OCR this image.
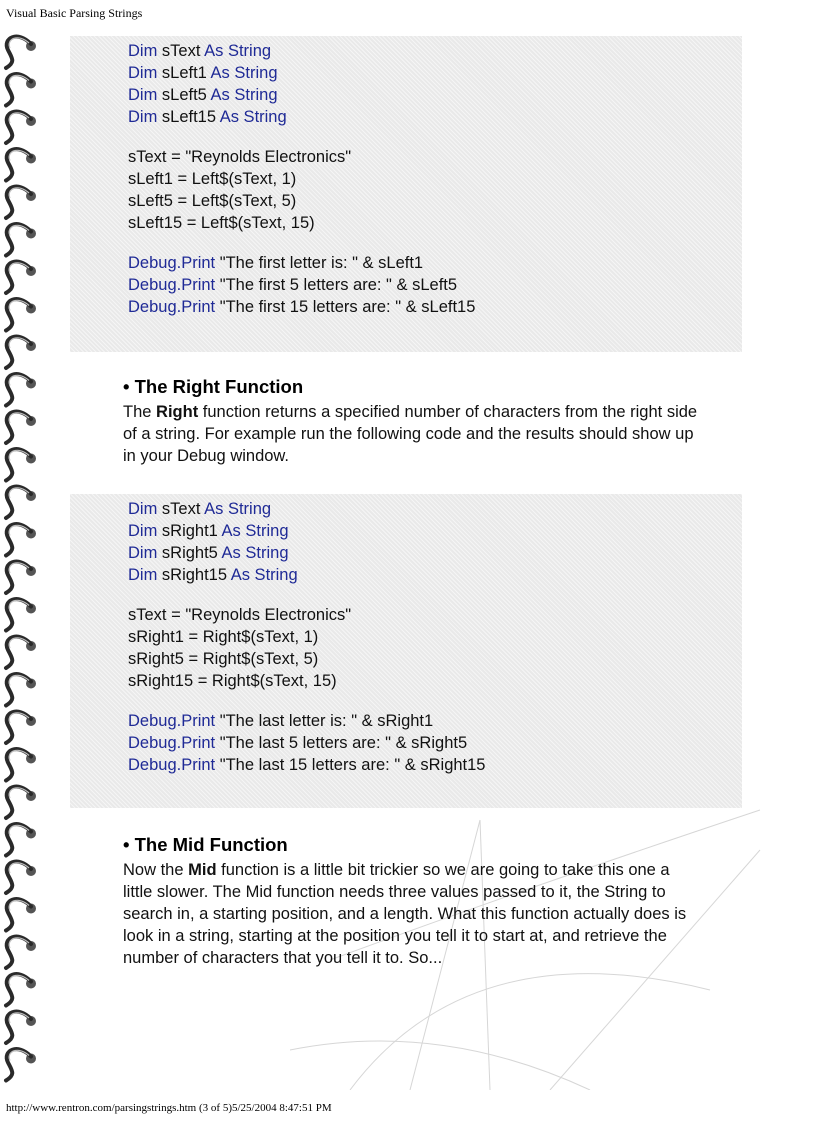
Visual Basic Parsing Strings
Dim sText As String
Dim sLeft1 As String
Dim sLeft5 As String
Dim sLeft15 As String
sText = "Reynolds Electronics"
sLeft1 = Left$(sText, 1)
sLeft5 = Left$(sText, 5)
sLeft15 = Left$(sText, 15)
Debug.Print "The first letter is: " & sLeft1
Debug.Print "The first 5 letters are: " & sLeft5
Debug.Print "The first 15 letters are: " & sLeft15
• The Right Function
The Right function returns a specified number of characters from the right side of a string. For example run the following code and the results should show up in your Debug window.
Dim sText As String
Dim sRight1 As String
Dim sRight5 As String
Dim sRight15 As String
sText = "Reynolds Electronics"
sRight1 = Right$(sText, 1)
sRight5 = Right$(sText, 5)
sRight15 = Right$(sText, 15)
Debug.Print "The last letter is: " & sRight1
Debug.Print "The last 5 letters are: " & sRight5
Debug.Print "The last 15 letters are: " & sRight15
• The Mid Function
Now the Mid function is a little bit trickier so we are going to take this one a little slower. The Mid function needs three values passed to it, the String to search in, a starting position, and a length. What this function actually does is look in a string, starting at the position you tell it to start at, and retrieve the number of characters that you tell it to. So...
http://www.rentron.com/parsingstrings.htm (3 of 5)5/25/2004 8:47:51 PM
